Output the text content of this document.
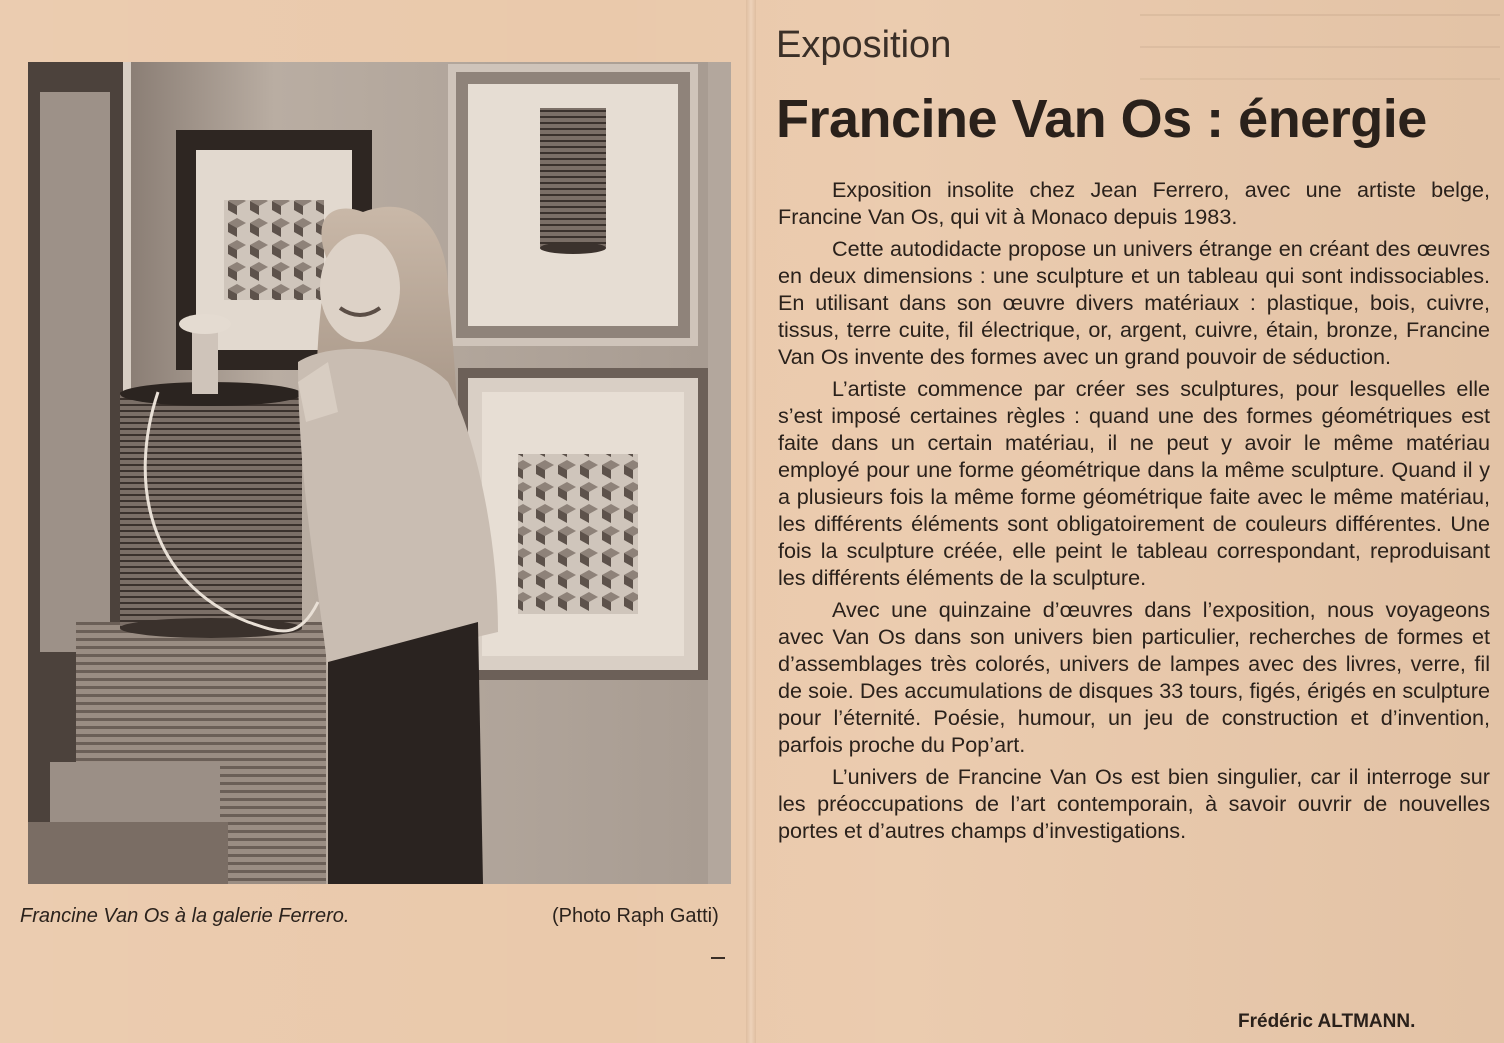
Francine Van Os à la galerie Ferrero.	(Photo Raph Gatti)
Exposition
Francine Van Os : énergie

Exposition insolite chez Jean Ferrero, avec une artiste belge, Francine Van Os, qui vit à Monaco depuis 1983.

Cette autodidacte propose un univers étrange en créant des œuvres en deux dimensions : une sculpture et un tableau qui sont indissociables. En utilisant dans son œuvre divers matériaux : plastique, bois, cuivre, tissus, terre cuite, fil électrique, or, argent, cuivre, étain, bronze, Francine Van Os invente des formes avec un grand pouvoir de séduction.

L’artiste commence par créer ses sculptures, pour lesquelles elle s’est imposé certaines règles : quand une des formes géométriques est faite dans un certain matériau, il ne peut y avoir le même matériau employé pour une forme géométrique dans la même sculpture. Quand il y a plusieurs fois la même forme géométrique faite avec le même matériau, les différents éléments sont obligatoirement de couleurs différentes. Une fois la sculpture créée, elle peint le tableau correspondant, reproduisant les différents éléments de la sculpture.

Avec une quinzaine d’œuvres dans l’exposition, nous voyageons avec Van Os dans son univers bien particulier, recherches de formes et d’assemblages très colorés, univers de lampes avec des livres, verre, fil de soie. Des accumulations de disques 33 tours, figés, érigés en sculpture pour l’éternité. Poésie, humour, un jeu de construction et d’invention, parfois proche du Pop’art.

L’univers de Francine Van Os est bien singulier, car il interroge sur les préoccupations de l’art contemporain, à savoir ouvrir de nouvelles portes et d’autres champs d’investigations.

Frédéric ALTMANN.
